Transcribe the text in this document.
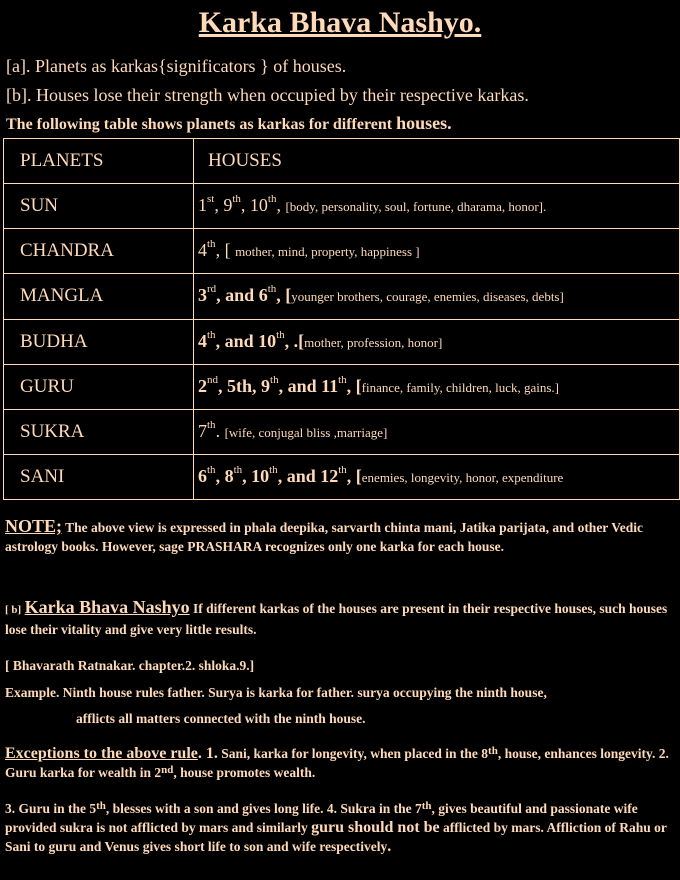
Karka Bhava Nashyo.
[a]. Planets as karkas{significators } of houses.
[b]. Houses lose their strength when occupied by their respective karkas.
The following table shows planets as karkas for different houses.
PLANETS	HOUSES
SUN	1st, 9th, 10th, [body, personality, soul, fortune, dharama, honor].
CHANDRA	4th, [ mother, mind, property, happiness ]
MANGLA	3rd, and 6th, [younger brothers, courage, enemies, diseases, debts]
BUDHA	4th, and 10th, .[mother, profession, honor]
GURU	2nd, 5th, 9th, and 11th, [finance, family, children, luck, gains.]
SUKRA	7th. [wife, conjugal bliss ,marriage]
SANI	6th, 8th, 10th, and 12th, [enemies, longevity, honor, expenditure
NOTE; The above view is expressed in phala deepika, sarvarth chinta mani, Jatika parijata, and other Vedic astrology books. However, sage PRASHARA recognizes only one karka for each house.
[ b] Karka Bhava Nashyo If different karkas of the houses are present in their respective houses, such houses lose their vitality and give very little results.
[ Bhavarath Ratnakar. chapter.2. shloka.9.]
Example. Ninth house rules father. Surya is karka for father. surya occupying the ninth house,
afflicts all matters connected with the ninth house.
Exceptions to the above rule. 1. Sani, karka for longevity, when placed in the 8th, house, enhances longevity. 2. Guru karka for wealth in 2nd, house promotes wealth.
3. Guru in the 5th, blesses with a son and gives long life. 4. Sukra in the 7th, gives beautiful and passionate wife provided sukra is not afflicted by mars and similarly guru should not be afflicted by mars. Affliction of Rahu or Sani to guru and Venus gives short life to son and wife respectively.
